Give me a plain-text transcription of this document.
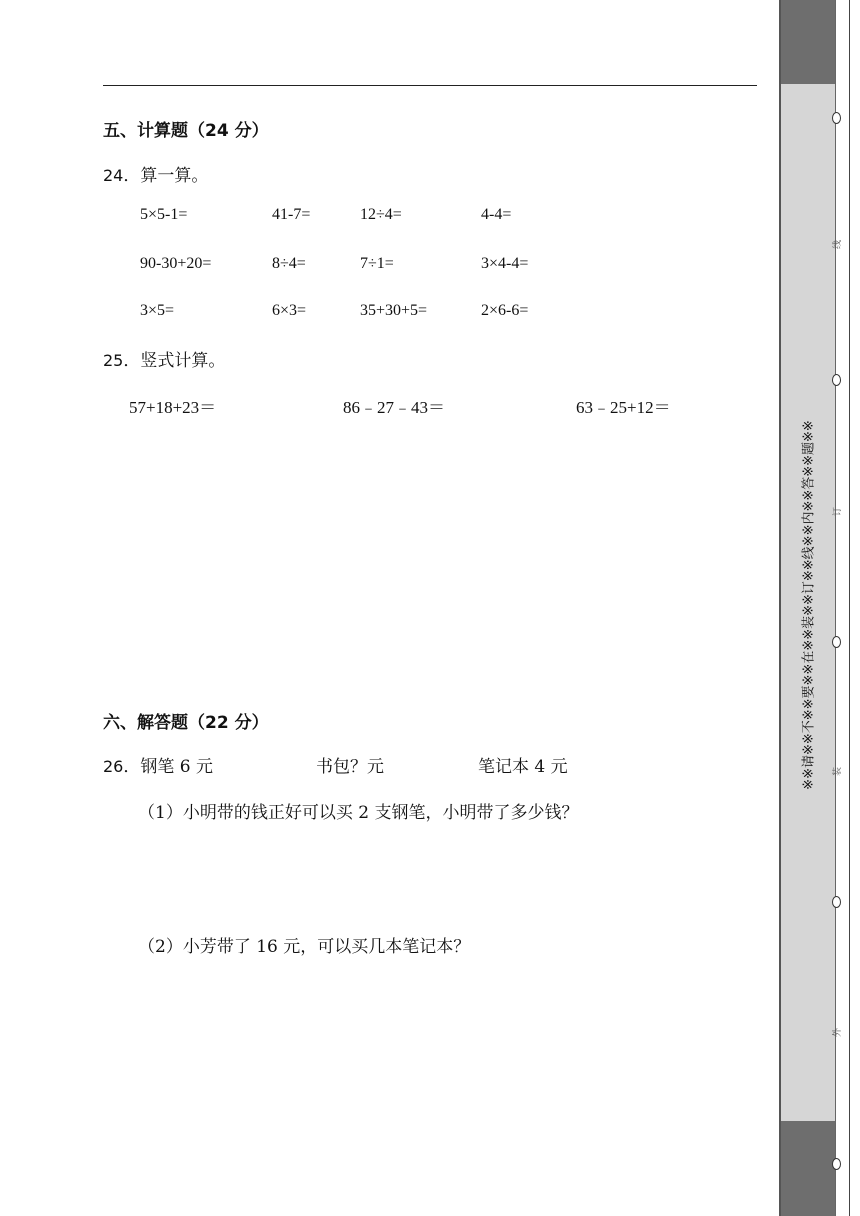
五、计算题（24 分）
24．算一算。
5×5-1=	41-7=	12÷4=	4-4=
90-30+20=	8÷4=	7÷1=	3×4-4=
3×5=	6×3=	35+30+5=	2×6-6=
25．竖式计算。
57+18+23＝	86﹣27﹣43＝	63﹣25+12＝
六、解答题（22 分）
26．钢笔 6 元	书包？元	笔记本 4 元
（1）小明带的钱正好可以买 2 支钢笔，小明带了多少钱？
（2）小芳带了 16 元，可以买几本笔记本？
※※请※※不※※要※※在※※装※※订※※线※※内※※答※※题※※
线
订
装
外
